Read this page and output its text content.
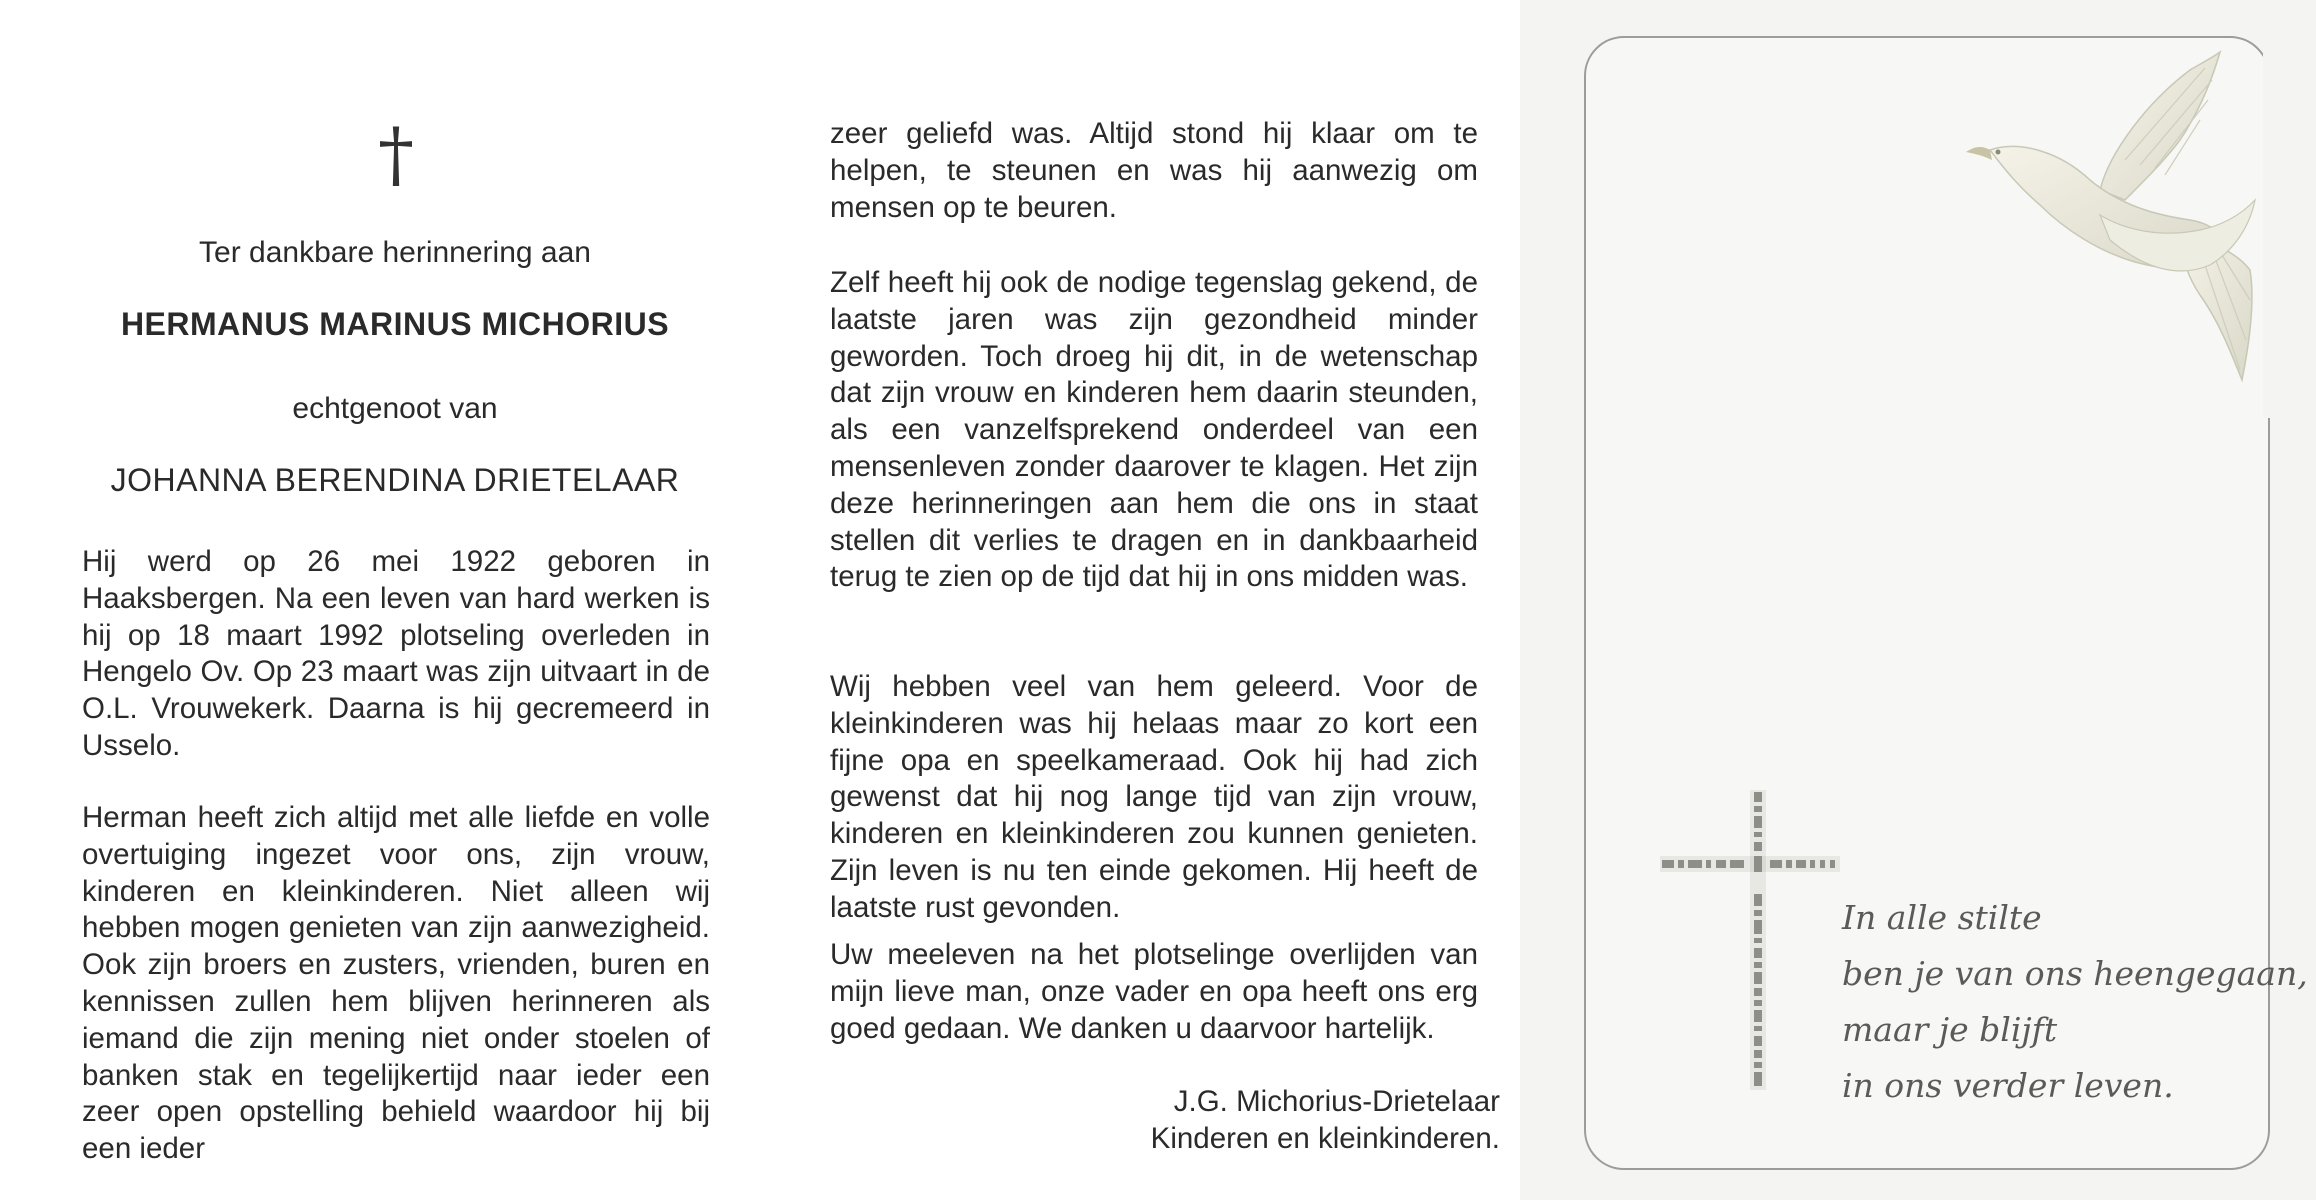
†
Ter dankbare herinnering aan
HERMANUS MARINUS MICHORIUS
echtgenoot van
JOHANNA BERENDINA DRIETELAAR

Hij werd op 26 mei 1922 geboren in Haaksbergen. Na een leven van hard werken is hij op 18 maart 1992 plotseling overleden in Hengelo Ov. Op 23 maart was zijn uitvaart in de O.L. Vrouwekerk. Daarna is hij gecremeerd in Usselo.

Herman heeft zich altijd met alle liefde en volle overtuiging ingezet voor ons, zijn vrouw, kinderen en kleinkinderen. Niet alleen wij hebben mogen genieten van zijn aanwezigheid. Ook zijn broers en zusters, vrienden, buren en kennissen zullen hem blijven herinneren als iemand die zijn mening niet onder stoelen of banken stak en tegelijkertijd naar ieder een zeer open opstelling behield waardoor hij bij een ieder

zeer geliefd was. Altijd stond hij klaar om te helpen, te steunen en was hij aanwezig om mensen op te beuren.

Zelf heeft hij ook de nodige tegenslag gekend, de laatste jaren was zijn gezondheid minder geworden. Toch droeg hij dit, in de wetenschap dat zijn vrouw en kinderen hem daarin steunden, als een vanzelfsprekend onderdeel van een mensenleven zonder daarover te klagen. Het zijn deze herinneringen aan hem die ons in staat stellen dit verlies te dragen en in dankbaarheid terug te zien op de tijd dat hij in ons midden was.

Wij hebben veel van hem geleerd. Voor de kleinkinderen was hij helaas maar zo kort een fijne opa en speelkameraad. Ook hij had zich gewenst dat hij nog lange tijd van zijn vrouw, kinderen en kleinkinderen zou kunnen genieten. Zijn leven is nu ten einde gekomen. Hij heeft de laatste rust gevonden.

Uw meeleven na het plotselinge overlijden van mijn lieve man, onze vader en opa heeft ons erg goed gedaan. We danken u daarvoor hartelijk.

J.G. Michorius-Drietelaar
Kinderen en kleinkinderen.
In alle stilte
ben je van ons heengegaan,
maar je blijft
in ons verder leven.
